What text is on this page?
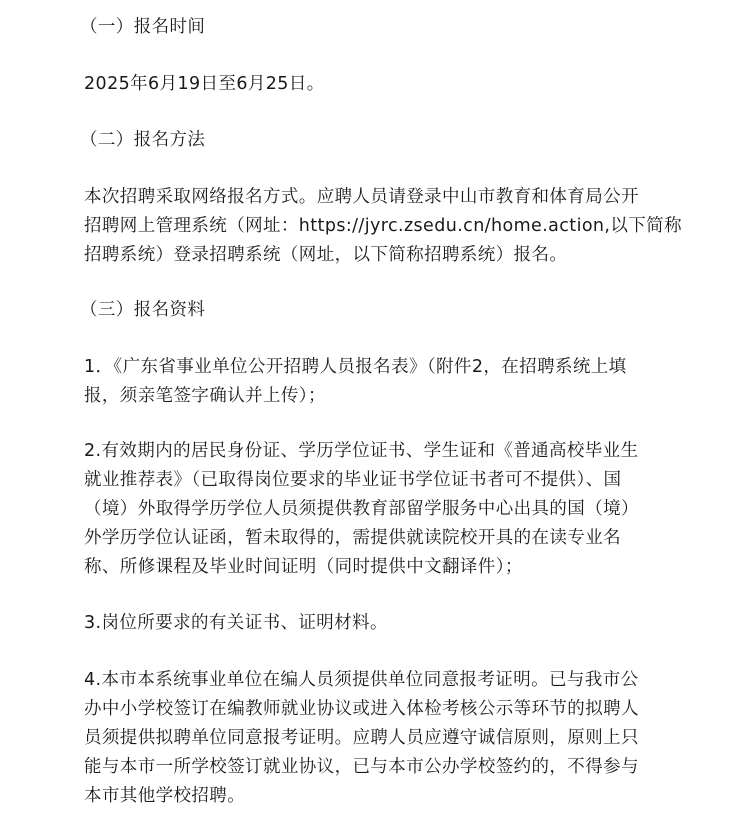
（一）报名时间

2025年6月19日至6月25日。

（二）报名方法

本次招聘采取网络报名方式。应聘人员请登录中山市教育和体育局公开

招聘网上管理系统（网址：https://jyrc.zsedu.cn/home.action,以下简称

招聘系统）登录招聘系统（网址，以下简称招聘系统）报名。

（三）报名资料

1．《广东省事业单位公开招聘人员报名表》（附件2，在招聘系统上填

报，须亲笔签字确认并上传）；

2.有效期内的居民身份证、学历学位证书、学生证和《普通高校毕业生

就业推荐表》（已取得岗位要求的毕业证书学位证书者可不提供）、国

（境）外取得学历学位人员须提供教育部留学服务中心出具的国（境）

外学历学位认证函，暂未取得的，需提供就读院校开具的在读专业名

称、所修课程及毕业时间证明（同时提供中文翻译件）；

3.岗位所要求的有关证书、证明材料。

4.本市本系统事业单位在编人员须提供单位同意报考证明。已与我市公

办中小学校签订在编教师就业协议或进入体检考核公示等环节的拟聘人

员须提供拟聘单位同意报考证明。应聘人员应遵守诚信原则，原则上只

能与本市一所学校签订就业协议，已与本市公办学校签约的，不得参与

本市其他学校招聘。
